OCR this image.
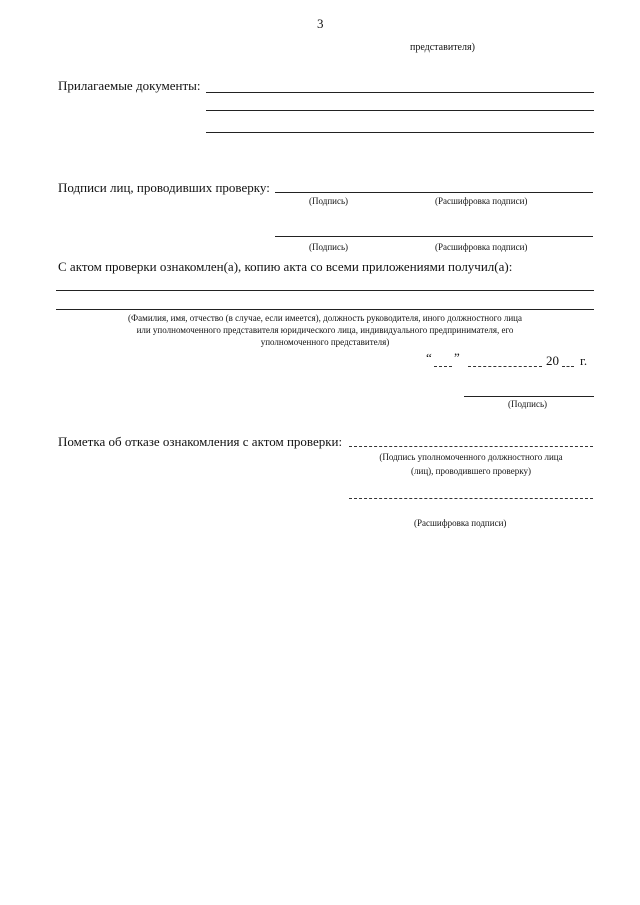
3
представителя)
Прилагаемые документы:
Подписи лиц, проводивших проверку:
(Подпись)	(Расшифровка подписи)
(Подпись)	(Расшифровка подписи)
С актом проверки ознакомлен(а), копию акта со всеми приложениями получил(а):
(Фамилия, имя, отчество (в случае, если имеется), должность руководителя, иного должностного лица
или уполномоченного представителя юридического лица, индивидуального предпринимателя, его
уполномоченного представителя)
“ ”	20 г.
(Подпись)
Пометка об отказе ознакомления с актом проверки:
(Подпись уполномоченного должностного лица
(лиц), проводившего проверку)
(Расшифровка подписи)
